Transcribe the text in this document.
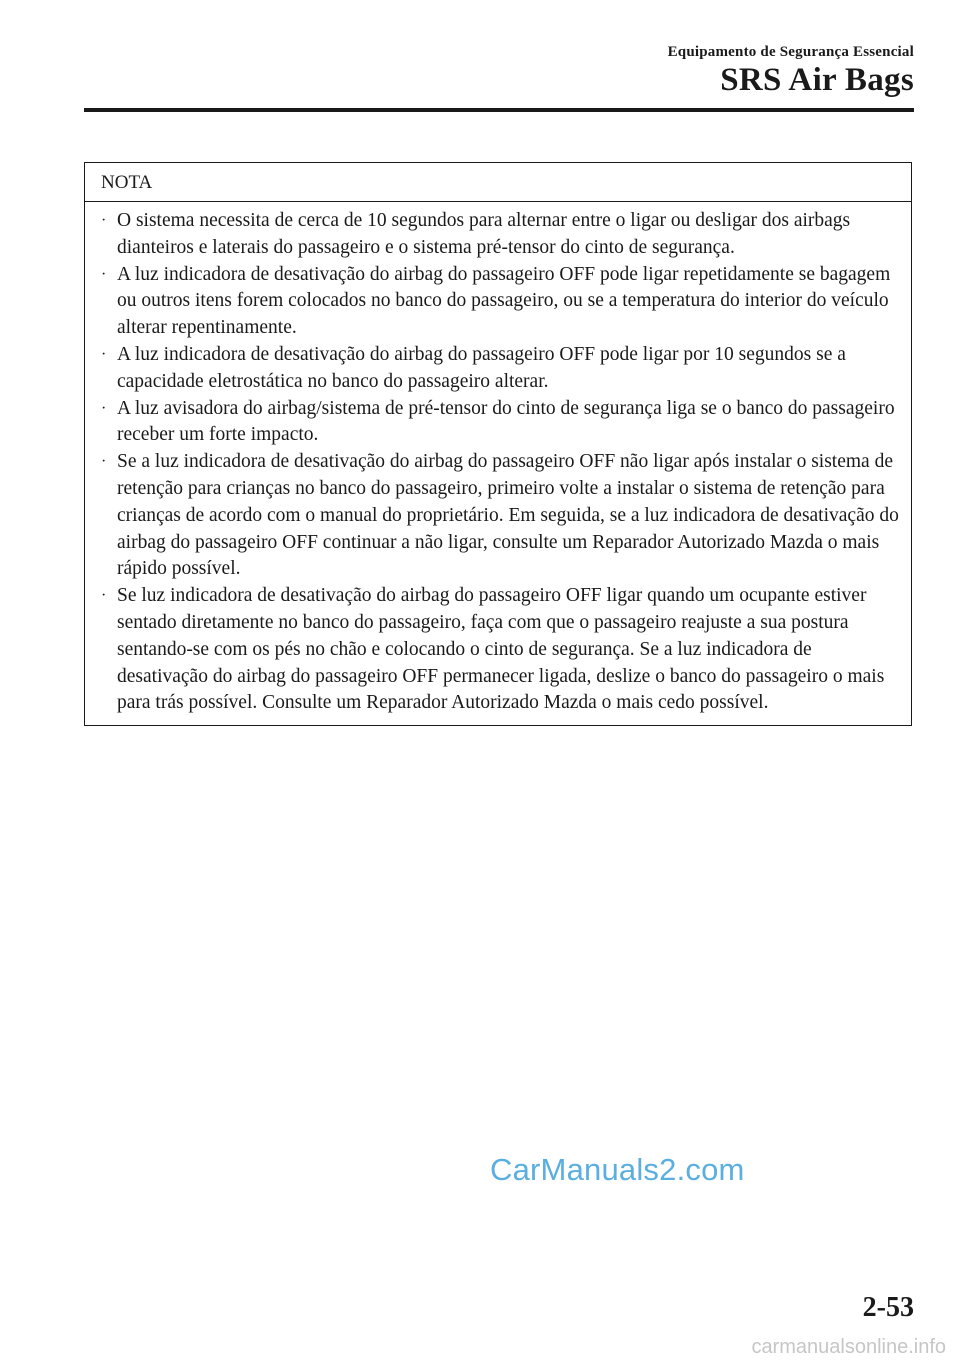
Equipamento de Segurança Essencial
SRS Air Bags
NOTA
· O sistema necessita de cerca de 10 segundos para alternar entre o ligar ou desligar dos airbags dianteiros e laterais do passageiro e o sistema pré-tensor do cinto de segurança.
· A luz indicadora de desativação do airbag do passageiro OFF pode ligar repetidamente se bagagem ou outros itens forem colocados no banco do passageiro, ou se a temperatura do interior do veículo alterar repentinamente.
· A luz indicadora de desativação do airbag do passageiro OFF pode ligar por 10 segundos se a capacidade eletrostática no banco do passageiro alterar.
· A luz avisadora do airbag/sistema de pré-tensor do cinto de segurança liga se o banco do passageiro receber um forte impacto.
· Se a luz indicadora de desativação do airbag do passageiro OFF não ligar após instalar o sistema de retenção para crianças no banco do passageiro, primeiro volte a instalar o sistema de retenção para crianças de acordo com o manual do proprietário. Em seguida, se a luz indicadora de desativação do airbag do passageiro OFF continuar a não ligar, consulte um Reparador Autorizado Mazda o mais rápido possível.
· Se luz indicadora de desativação do airbag do passageiro OFF ligar quando um ocupante estiver sentado diretamente no banco do passageiro, faça com que o passageiro reajuste a sua postura sentando-se com os pés no chão e colocando o cinto de segurança. Se a luz indicadora de desativação do airbag do passageiro OFF permanecer ligada, deslize o banco do passageiro o mais para trás possível. Consulte um Reparador Autorizado Mazda o mais cedo possível.
CarManuals2.com
2-53
carmanualsonline.info
